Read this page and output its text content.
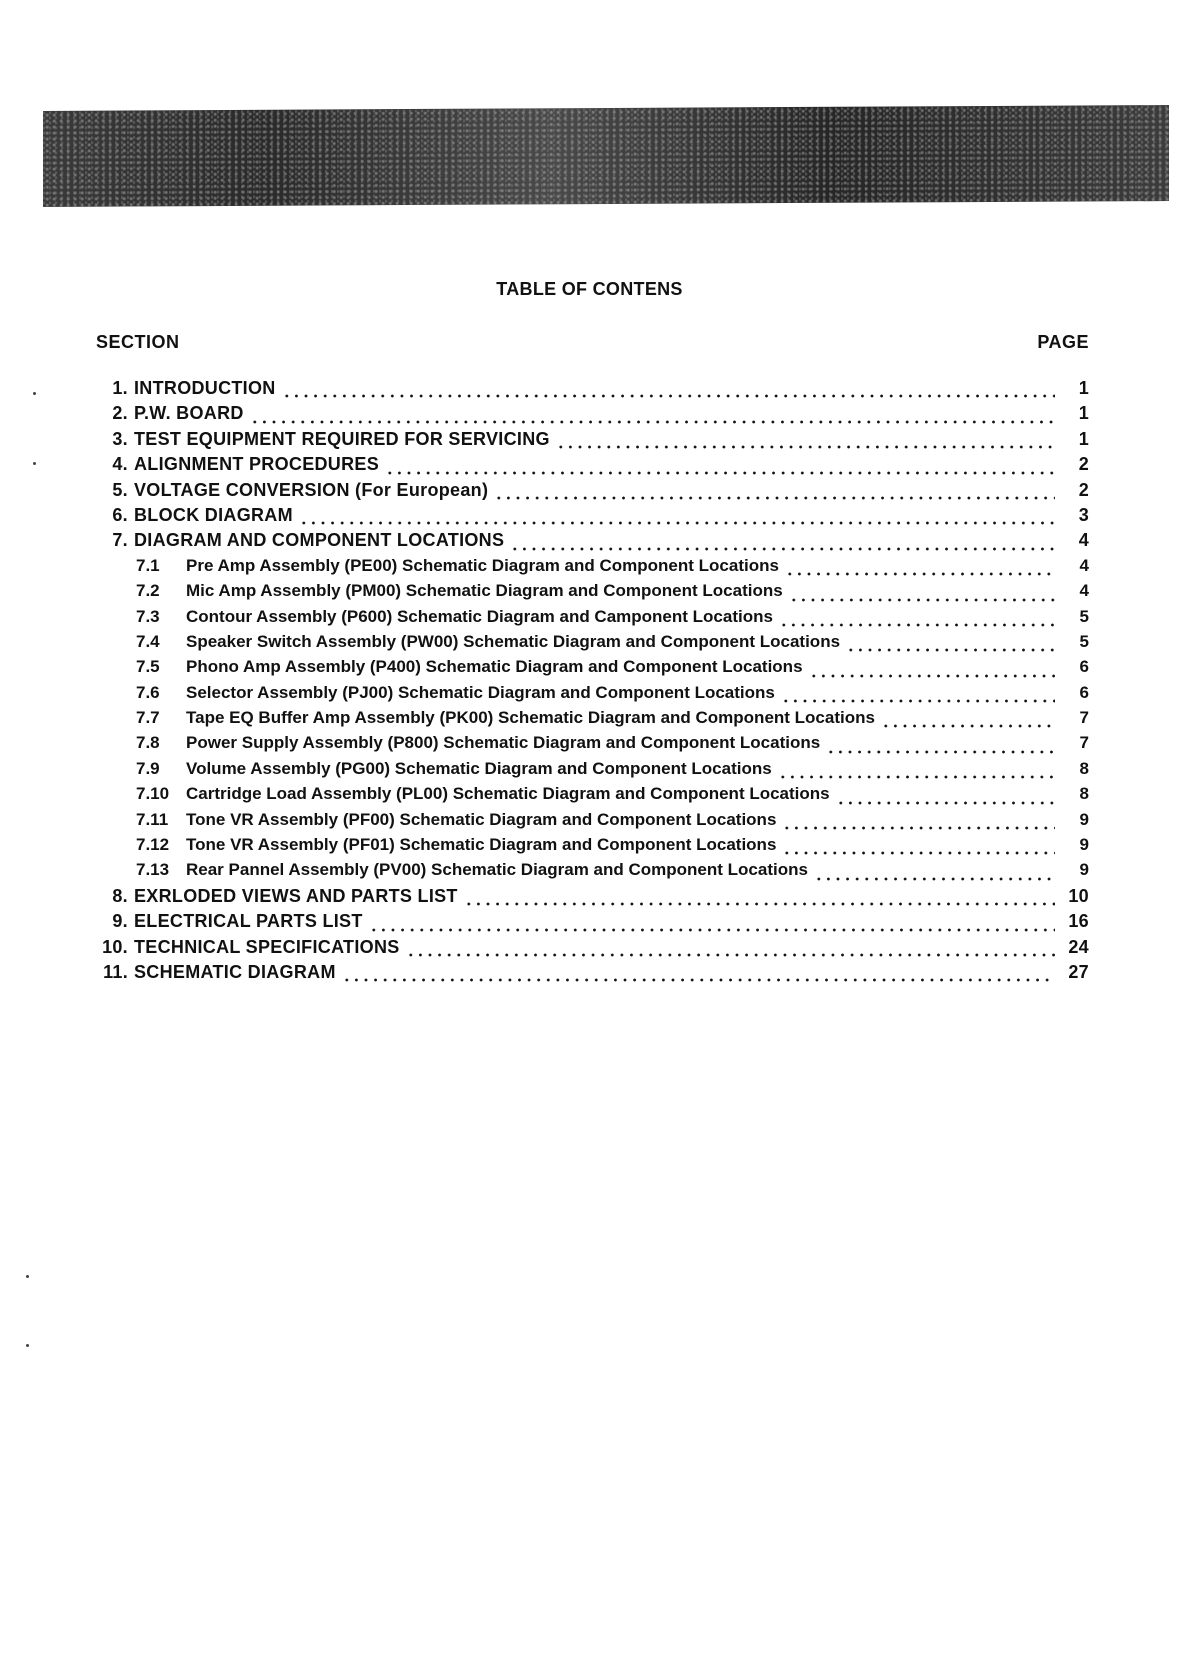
TABLE OF CONTENS
SECTION	PAGE
1. INTRODUCTION	1
2. P.W. BOARD	1
3. TEST EQUIPMENT REQUIRED FOR SERVICING	1
4. ALIGNMENT PROCEDURES	2
5. VOLTAGE CONVERSION (For European)	2
6. BLOCK DIAGRAM	3
7. DIAGRAM AND COMPONENT LOCATIONS	4
7.1	Pre Amp Assembly (PE00) Schematic Diagram and Component Locations	4
7.2	Mic Amp Assembly (PM00) Schematic Diagram and Component Locations	4
7.3	Contour Assembly (P600) Schematic Diagram and Camponent Locations	5
7.4	Speaker Switch Assembly (PW00) Schematic Diagram and Component Locations	5
7.5	Phono Amp Assembly (P400) Schematic Diagram and Component Locations	6
7.6	Selector Assembly (PJ00) Schematic Diagram and Component Locations	6
7.7	Tape EQ Buffer Amp Assembly (PK00) Schematic Diagram and Component Locations	7
7.8	Power Supply Assembly (P800) Schematic Diagram and Component Locations	7
7.9	Volume Assembly (PG00) Schematic Diagram and Component Locations	8
7.10 Cartridge Load Assembly (PL00) Schematic Diagram and Component Locations	8
7.11	Tone VR Assembly (PF00) Schematic Diagram and Component Locations	9
7.12 Tone VR Assembly (PF01) Schematic Diagram and Component Locations	9
7.13 Rear Pannel Assembly (PV00) Schematic Diagram and Component Locations	9
8. EXRLODED VIEWS AND PARTS LIST	10
9. ELECTRICAL PARTS LIST	16
10. TECHNICAL SPECIFICATIONS	24
11. SCHEMATIC DIAGRAM	27
